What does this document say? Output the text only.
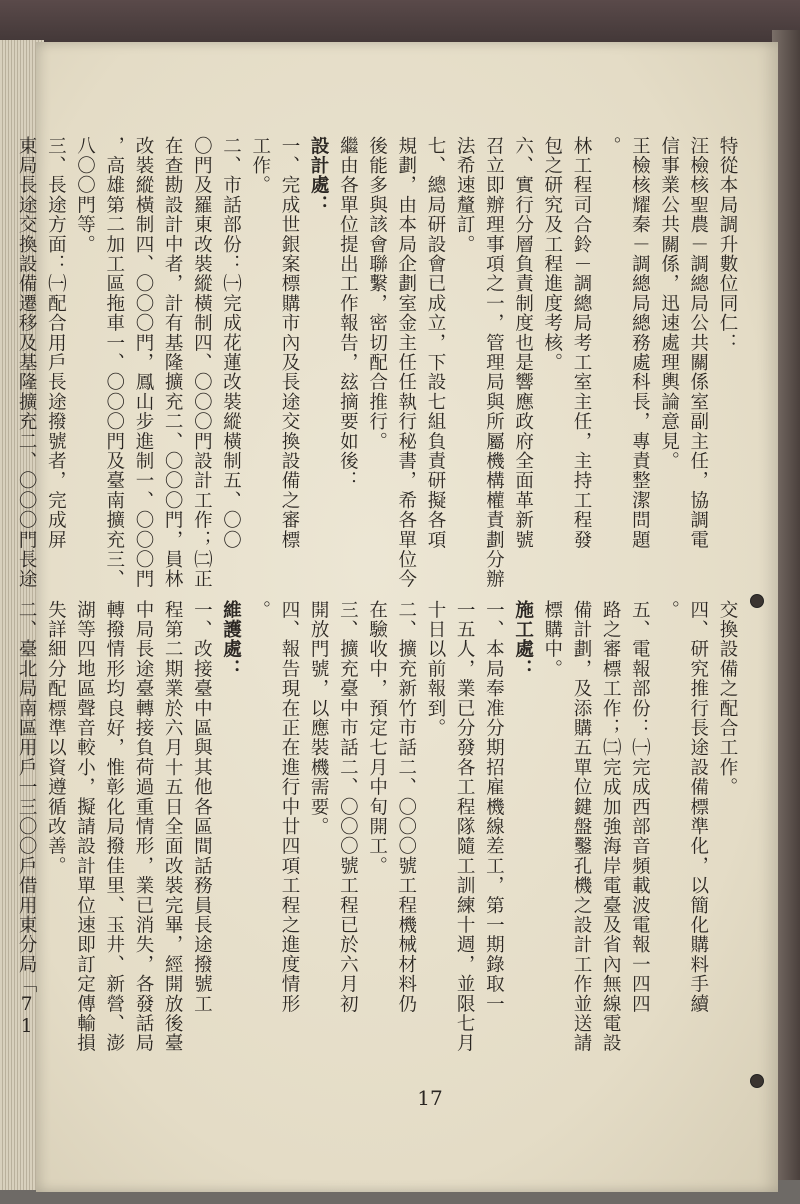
特從本局調升數位同仁：

汪檢核聖農－調總局公共關係室副主任，協調電

信事業公共關係，迅速處理輿論意見。

王檢核耀秦－調總局總務處科長，專責整潔問題

。

林工程司合鈴－調總局考工室主任，主持工程發

包之研究及工程進度考核。

六、實行分層負責制度也是響應政府全面革新號

召立即辦理事項之一，管理局與所屬機構權責劃分辦

法希速釐訂。

七、總局研設會已成立，下設七組負責研擬各項

規劃，由本局企劃室金主任任執行秘書，希各單位今

後能多與該會聯繫，密切配合推行。

繼由各單位提出工作報告，玆摘要如後：

設計處：

一、完成世銀案標購市內及長途交換設備之審標

工作。

二、市話部份：㈠完成花蓮改裝縱橫制五、〇〇

〇門及羅東改裝縱橫制四、〇〇〇門設計工作；㈡正

在查勘設計中者，計有基隆擴充二、〇〇〇門，員林

改裝縱橫制四、〇〇〇門，鳳山步進制一、〇〇〇門

，高雄第二加工區拖車一、〇〇〇門及臺南擴充三、

八〇〇門等。

三、長途方面：㈠配合用戶長途撥號者，完成屏

東局長途交換設備遷移及基隆擴充二、〇〇〇門長途

交換設備之配合工作。

四、研究推行長途設備標準化，以簡化購料手續

。

五、電報部份：㈠完成西部音頻載波電報一四四

路之審標工作；㈡完成加強海岸電臺及省內無線電設

備計劃，及添購五單位鍵盤鑿孔機之設計工作並送請

標購中。

施工處：

一、本局奉准分期招雇機線差工，第一期錄取一

一五人，業已分發各工程隊隨工訓練十週，並限七月

十日以前報到。

二、擴充新竹市話二、〇〇〇號工程機械材料仍

在驗收中，預定七月中旬開工。

三、擴充臺中市話二、〇〇〇號工程已於六月初

開放門號，以應裝機需要。

四、報告現在正在進行中廿四項工程之進度情形

。

維護處：

一、改接臺中區與其他各區間話務員長途撥號工

程第二期業於六月十五日全面改裝完畢，經開放後臺

中局長途臺轉接負荷過重情形，業已消失，各發話局

轉撥情形均良好，惟彰化局撥佳里、玉井、新營、澎

湖等四地區聲音較小，擬請設計單位速即訂定傳輸損

失詳細分配標準以資遵循改善。

二、臺北局南區用戶一三〇〇戶借用東分局「71

17
